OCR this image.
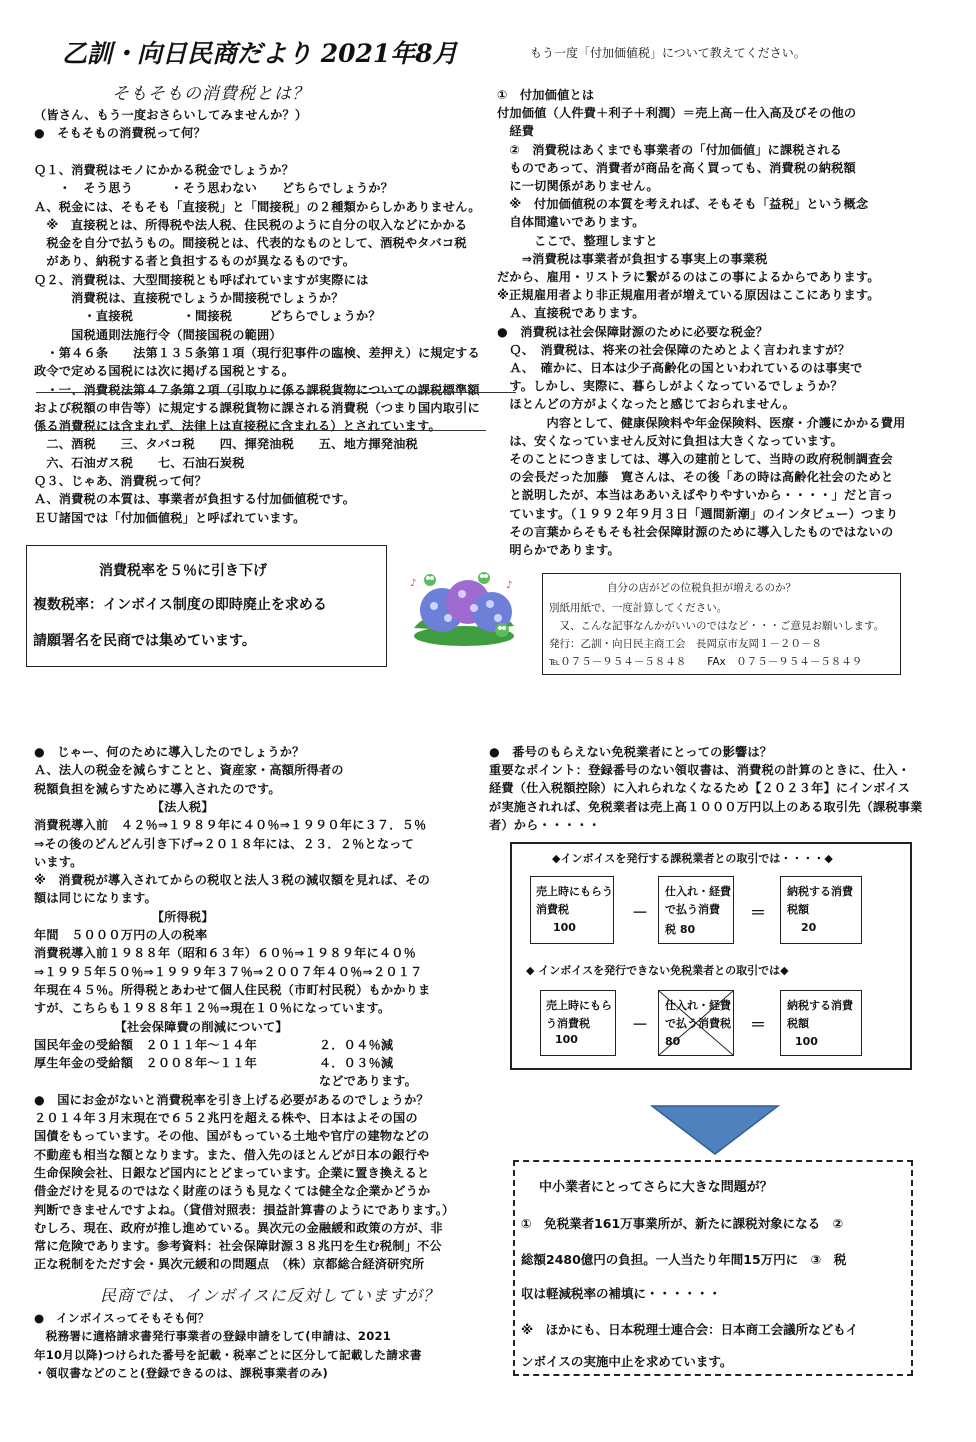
乙訓・向日民商だより 2021年8月	もう一度「付加価値税」について教えてください。
そもそもの消費税とは？
（皆さん、もう一度おさらいしてみませんか？）
●　そもそもの消費税って何？
Ｑ１、消費税はモノにかかる税金でしょうか？
　　・　そう思う　　　・そう思わない　　どちらでしょうか？
Ａ、税金には、そもそも「直接税」と「間接税」の２種類からしかありません。
　※　直接税とは、所得税や法人税、住民税のように自分の収入などにかかる
　税金を自分で払うもの。間接税とは、代表的なものとして、酒税やタバコ税
　があり、納税する者と負担するものが異なるものです。
Ｑ２、消費税は、大型間接税とも呼ばれていますが実際には
　　　消費税は、直接税でしょうか間接税でしょうか？
　　　　・直接税　　　　・間接税　　　どちらでしょうか？
　　　国税通則法施行令（間接国税の範囲）
　・第４６条　　法第１３５条第１項（現行犯事件の臨検、差押え）に規定する
政令で定める国税には次に掲げる国税とする。
　・一、消費税法第４７条第２項（引取りに係る課税貨物についての課税標準額
および税額の申告等）に規定する課税貨物に課される消費税（つまり国内取引に
係る消費税には含まれず、法律上は直接税に含まれる）とされています。
　二、酒税　　三、タバコ税　　四、揮発油税　　五、地方揮発油税
　六、石油ガス税　　七、石油石炭税
Ｑ３、じゃあ、消費税って何？
Ａ、消費税の本質は、事業者が負担する付加価値税です。
ＥＵ諸国では「付加価値税」と呼ばれています。
消費税率を５％に引き下げ
複数税率：インボイス制度の即時廃止を求める
請願署名を民商では集めています。
♪	♪
①　付加価値とは
付加価値（人件費＋利子＋利潤）＝売上高－仕入高及びその他の
　経費
　②　消費税はあくまでも事業者の「付加価値」に課税される
　ものであって、消費者が商品を高く買っても、消費税の納税額
　に一切関係がありません。
　※　付加価値税の本質を考えれば、そもそも「益税」という概念
　自体間違いであります。
　　　ここで、整理しますと
　　⇒消費税は事業者が負担する事実上の事業税
だから、雇用・リストラに繋がるのはこの事によるからであります。
※正規雇用者より非正規雇用者が増えている原因はここにあります。
　Ａ、直接税であります。
●　消費税は社会保障財源のために必要な税金？
　Ｑ、　消費税は、将来の社会保障のためとよく言われますが？
　Ａ、　確かに、日本は少子高齢化の国といわれているのは事実で
　す。しかし、実際に、暮らしがよくなっているでしょうか？
　ほとんどの方がよくなったと感じておられません。
　　　　内容として、健康保険料や年金保険料、医療・介護にかかる費用
　は、安くなっていません反対に負担は大きくなっています。
　そのことにつきましては、導入の建前として、当時の政府税制調査会
　の会長だった加藤　寛さんは、その後「あの時は高齢化社会のためと
　と説明したが、本当はああいえばやりやすいから・・・・」だと言っ
　ています。（１９９２年９月３日「週間新潮」のインタビュー）つまり
　その言葉からそもそも社会保障財源のために導入したものではないの
　明らかであります。
自分の店がどの位税負担が増えるのか？
別紙用紙で、一度計算してください。
　又、こんな記事なんかがいいのではなど・・・ご意見お願いします。
発行：乙訓・向日民主商工会　長岡京市友岡１－２０－８
℡０７５－９５４－５８４８　　FAx　０７５－９５４－５８４９
●　じゃー、何のために導入したのでしょうか？
Ａ、法人の税金を減らすことと、資産家・高額所得者の
税額負担を減らすために導入されたのです。
　　　　　　　　　　【法人税】
消費税導入前　４２％⇒１９８９年に４０％⇒１９９０年に３７．５％
⇒その後のどんどん引き下げ⇒２０１８年には、２３．２％となって
います。
※　消費税が導入されてからの税収と法人３税の減収額を見れば、その
額は同じになります。
　　　　　　　　　　【所得税】
年間　５０００万円の人の税率
消費税導入前１９８８年（昭和６３年）６０％⇒１９８９年に４０％
⇒１９９５年５０％⇒１９９９年３７％⇒２００７年４０％⇒２０１７
年現在４５％。所得税とあわせて個人住民税（市町村民税）もかかりま
すが、こちらも１９８８年１２％⇒現在１０％になっています。
　　　　　　　【社会保障費の削減について】
国民年金の受給額　２０１１年～１４年　　　　　２．０４％減
厚生年金の受給額　２００８年～１１年　　　　　４．０３％減
　　　　　　　　　　　　　　　　　　　　　　　などであります。
●　国にお金がないと消費税率を引き上げる必要があるのでしょうか？
２０１４年３月末現在で６５２兆円を超える株や、日本はよその国の
国債をもっています。その他、国がもっている土地や官庁の建物などの
不動産も相当な額となります。また、借入先のほとんどが日本の銀行や
生命保険会社、日銀など国内にとどまっています。企業に置き換えると
借金だけを見るのではなく財産のほうも見なくては健全な企業かどうか
判断できませんですよね。（貸借対照表：損益計算書のようにであります。）
むしろ、現在、政府が推し進めている。異次元の金融緩和政策の方が、非
常に危険であります。参考資料：社会保障財源３８兆円を生む税制」不公
正な税制をただす会・異次元緩和の問題点　（株）京都総合経済研究所
民商では、インボイスに反対していますが？
●　インボイスってそもそも何？
　税務署に適格請求書発行事業者の登録申請をして(申請は、2021
年10月以降)つけられた番号を記載・税率ごとに区分して記載した請求書
・領収書などのこと(登録できるのは、課税事業者のみ)
●　番号のもらえない免税業者にとっての影響は？
重要なポイント：登録番号のない領収書は、消費税の計算のときに、仕入・
経費（仕入税額控除）に入れられなくなるため【２０２３年】にインボイス
が実施されれば、免税業者は売上高１０００万円以上のある取引先（課税事業
者）から・・・・・
◆インボイスを発行する課税業者との取引では・・・・◆
売上時にもらう
消費税
100
－
仕入れ・経費
で払う消費
税 80
＝
納税する消費
税額
20
◆ インボイスを発行できない免税業者との取引では◆
売上時にもら
う消費税
100
－
仕入れ・経費
で払う消費税
80
＝
納税する消費
税額
100
中小業者にとってさらに大きな問題が？
①　免税業者161万事業所が、新たに課税対象になる　②
総額2480億円の負担。一人当たり年間15万円に　③　税
収は軽減税率の補填に・・・・・・
※　ほかにも、日本税理士連合会：日本商工会議所などもイ
ンボイスの実施中止を求めています。
